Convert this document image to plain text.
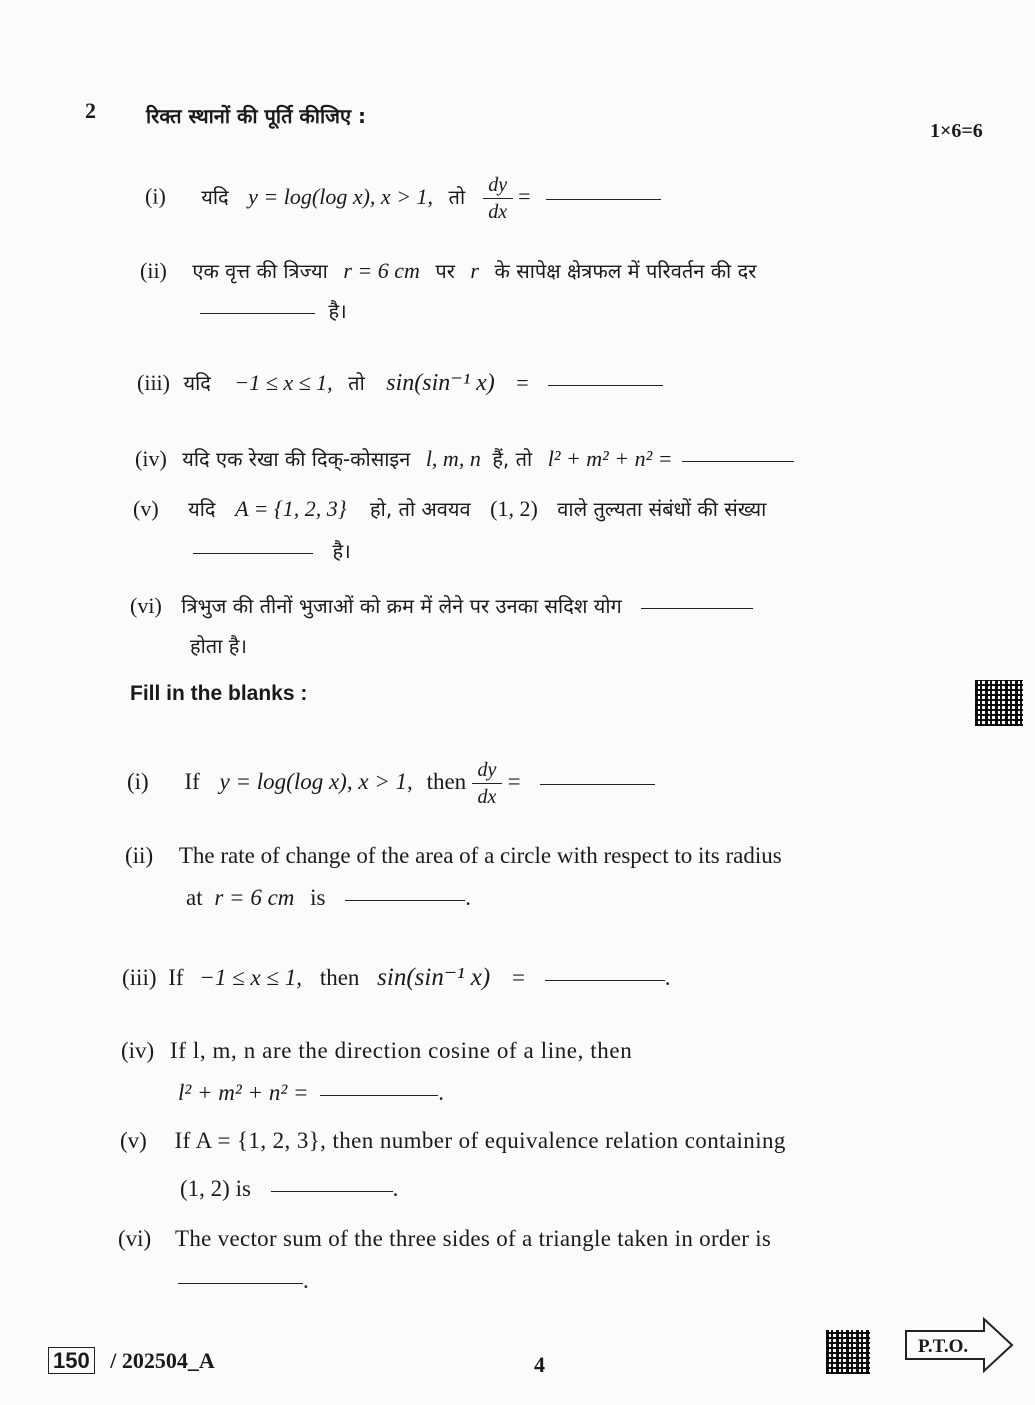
2	रिक्त स्थानों की पूर्ति कीजिए :
1×6=6
(i) यदि y = log(log x), x > 1, तो $\frac{dy}{dx}$ =
(ii) एक वृत्त की त्रिज्या r = 6 cm पर r के सापेक्ष क्षेत्रफल में परिवर्तन की दर
है।
(iii) यदि −1 ≤ x ≤ 1, तो sin(sin⁻¹ x) =
(iv) यदि एक रेखा की दिक्-कोसाइन l, m, n हैं, तो l² + m² + n² =
(v) यदि A = {1, 2, 3} हो, तो अवयव (1, 2) वाले तुल्यता संबंधों की संख्या
है।
(vi) त्रिभुज की तीनों भुजाओं को क्रम में लेने पर उनका सदिश योग
होता है।
Fill in the blanks :
(i) If y = log(log x), x > 1, then $\frac{dy}{dx}$ =
(ii) The rate of change of the area of a circle with respect to its radius
at r = 6 cm is	.
(iii) If −1 ≤ x ≤ 1, then sin(sin⁻¹ x) =	.
(iv) If l, m, n are the direction cosine of a line, then
l² + m² + n² =	.
(v) If A = {1, 2, 3}, then number of equivalence relation containing
(1, 2) is	.
(vi) The vector sum of the three sides of a triangle taken in order is
.
150 / 202504_A	4
P.T.O.
